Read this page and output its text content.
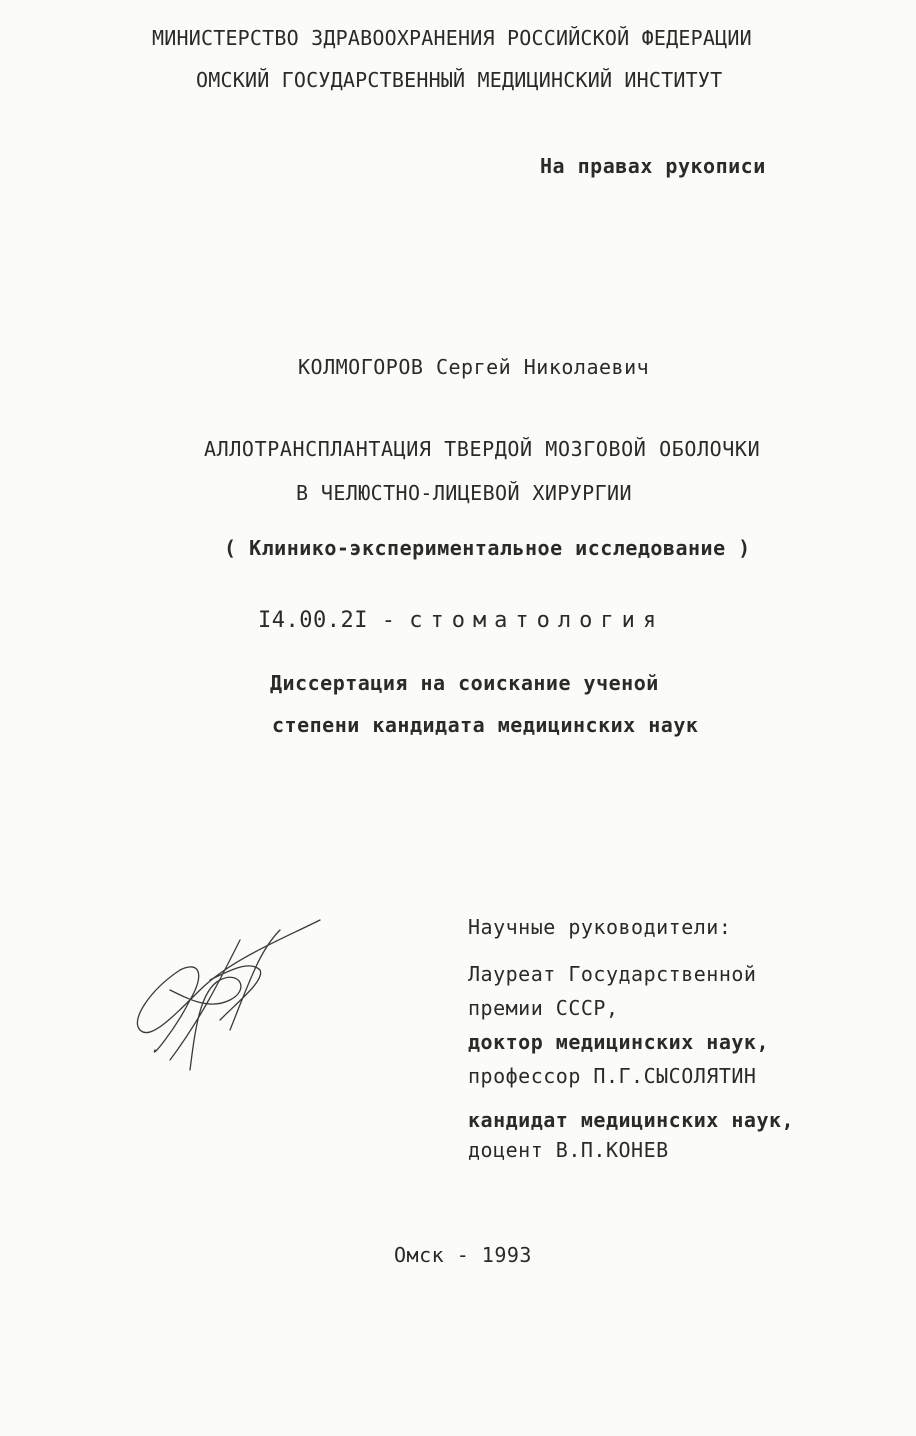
МИНИСТЕРСТВО ЗДРАВООХРАНЕНИЯ РОССИЙСКОЙ ФЕДЕРАЦИИ
ОМСКИЙ ГОСУДАРСТВЕННЫЙ МЕДИЦИНСКИЙ ИНСТИТУТ
На правах рукописи
КОЛМОГОРОВ Сергей Николаевич
АЛЛОТРАНСПЛАНТАЦИЯ ТВЕРДОЙ МОЗГОВОЙ ОБОЛОЧКИ
В ЧЕЛЮСТНО-ЛИЦЕВОЙ ХИРУРГИИ
( Клинико-экспериментальное исследование )
I4.00.2I - стоматология
Диссертация на соискание ученой
степени кандидата медицинских наук
Научные руководители:
Лауреат Государственной
премии СССР,
доктор медицинских наук,
профессор П.Г.СЫСОЛЯТИН
кандидат медицинских наук,
доцент В.П.КОНЕВ
Омск - 1993
